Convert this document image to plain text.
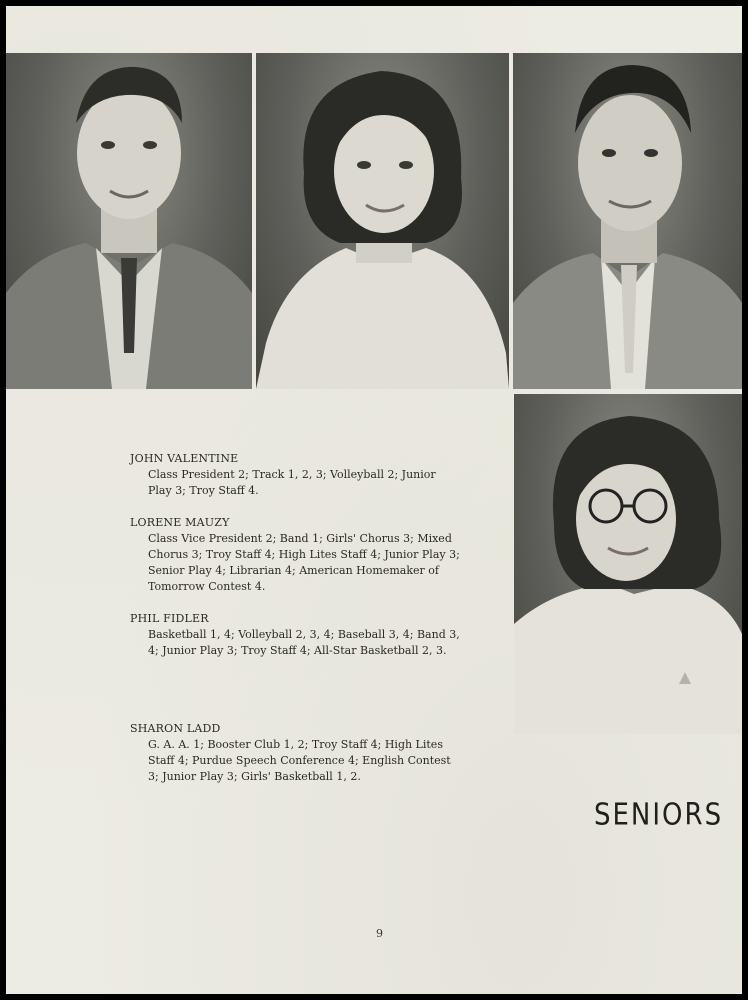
JOHN VALENTINE
Class President 2; Track 1, 2, 3; Volleyball 2; Junior Play 3; Troy Staff 4.
LORENE MAUZY
Class Vice President 2; Band 1; Girls' Chorus 3; Mixed Chorus 3; Troy Staff 4; High Lites Staff 4; Junior Play 3; Senior Play 4; Librarian 4; American Homemaker of Tomorrow Contest 4.
PHIL FIDLER
Basketball 1, 4; Volleyball 2, 3, 4; Baseball 3, 4; Band 3, 4; Junior Play 3; Troy Staff 4; All-Star Basketball 2, 3.
SHARON LADD
G. A. A. 1; Booster Club 1, 2; Troy Staff 4; High Lites Staff 4; Purdue Speech Conference 4; English Contest 3; Junior Play 3; Girls' Basketball 1, 2.
SENIORS
9
